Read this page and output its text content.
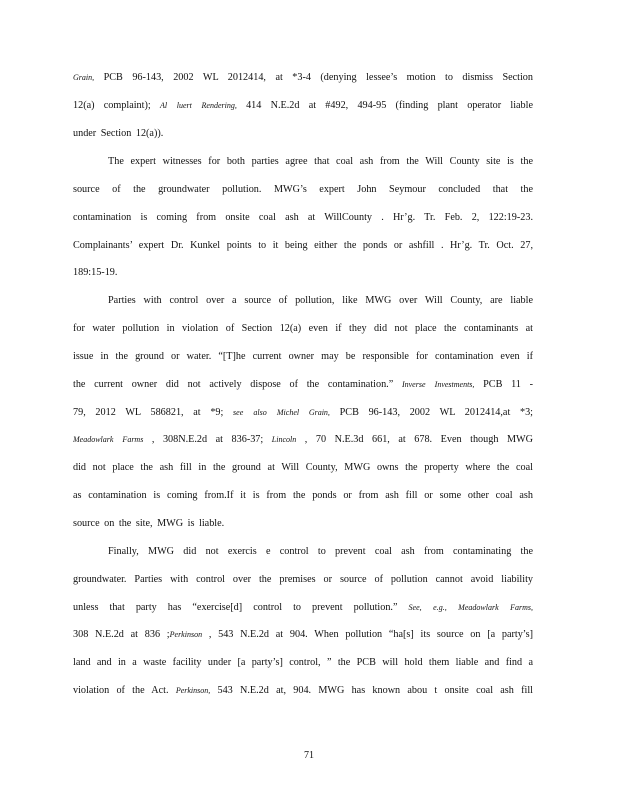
Grain, PCB 96-143, 2002 WL 2012414, at *3-4 (denying lessee’s motion to dismiss Section
12(a) complaint); Al luert Rendering, 414 N.E.2d at #492, 494-95 (finding plant operator liable
under Section 12(a)).
The expert witnesses for both parties agree that coal ash from the Will County site is the
source of the groundwater pollution. MWG’s expert John Seymour concluded that the
contamination is coming from onsite coal ash at WillCounty . Hr’g. Tr. Feb. 2, 122:19-23.
Complainants’ expert Dr. Kunkel points to it being either the ponds or ashfill . Hr’g. Tr. Oct. 27,
189:15-19.
Parties with control over a source of pollution, like MWG over Will County, are liable
for water pollution in violation of Section 12(a) even if they did not place the contaminants at
issue in the ground or water. “[T]he current owner may be responsible for contamination even if
the current owner did not actively dispose of the contamination.” Inverse Investments, PCB 11 -
79, 2012 WL 586821, at *9; see also Michel Grain, PCB 96-143, 2002 WL 2012414,at *3;
Meadowlark Farms , 308N.E.2d at 836-37; Lincoln , 70 N.E.3d 661, at 678. Even though MWG
did not place the ash fill in the ground at Will County, MWG owns the property where the coal
as contamination is coming from.If it is from the ponds or from ash fill or some other coal ash
source on the site, MWG is liable.
Finally, MWG did not exercis e control to prevent coal ash from contaminating the
groundwater. Parties with control over the premises or source of pollution cannot avoid liability
unless that party has “exercise[d] control to prevent pollution.” See, e.g., Meadowlark Farms,
308 N.E.2d at 836 ;Perkinson , 543 N.E.2d at 904. When pollution “ha[s] its source on [a party’s]
land and in a waste facility under [a party’s] control, ” the PCB will hold them liable and find a
violation of the Act. Perkinson, 543 N.E.2d at, 904. MWG has known abou t onsite coal ash fill
71
